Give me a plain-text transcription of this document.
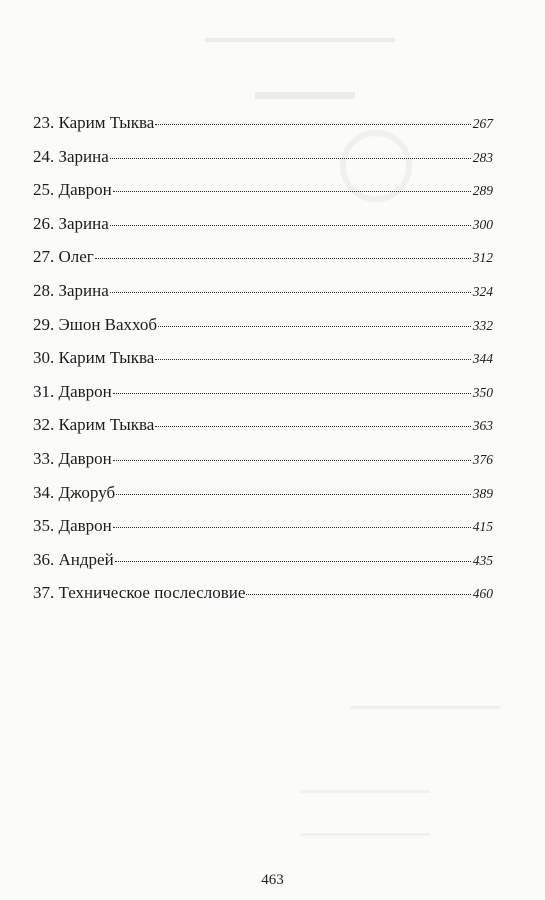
23. Карим Тыква	267
24. Зарина	283
25. Даврон	289
26. Зарина	300
27. Олег	312
28. Зарина	324
29. Эшон Ваххоб	332
30. Карим Тыква	344
31. Даврон	350
32. Карим Тыква	363
33. Даврон	376
34. Джоруб	389
35. Даврон	415
36. Андрей	435
37. Техническое послесловие	460
463
